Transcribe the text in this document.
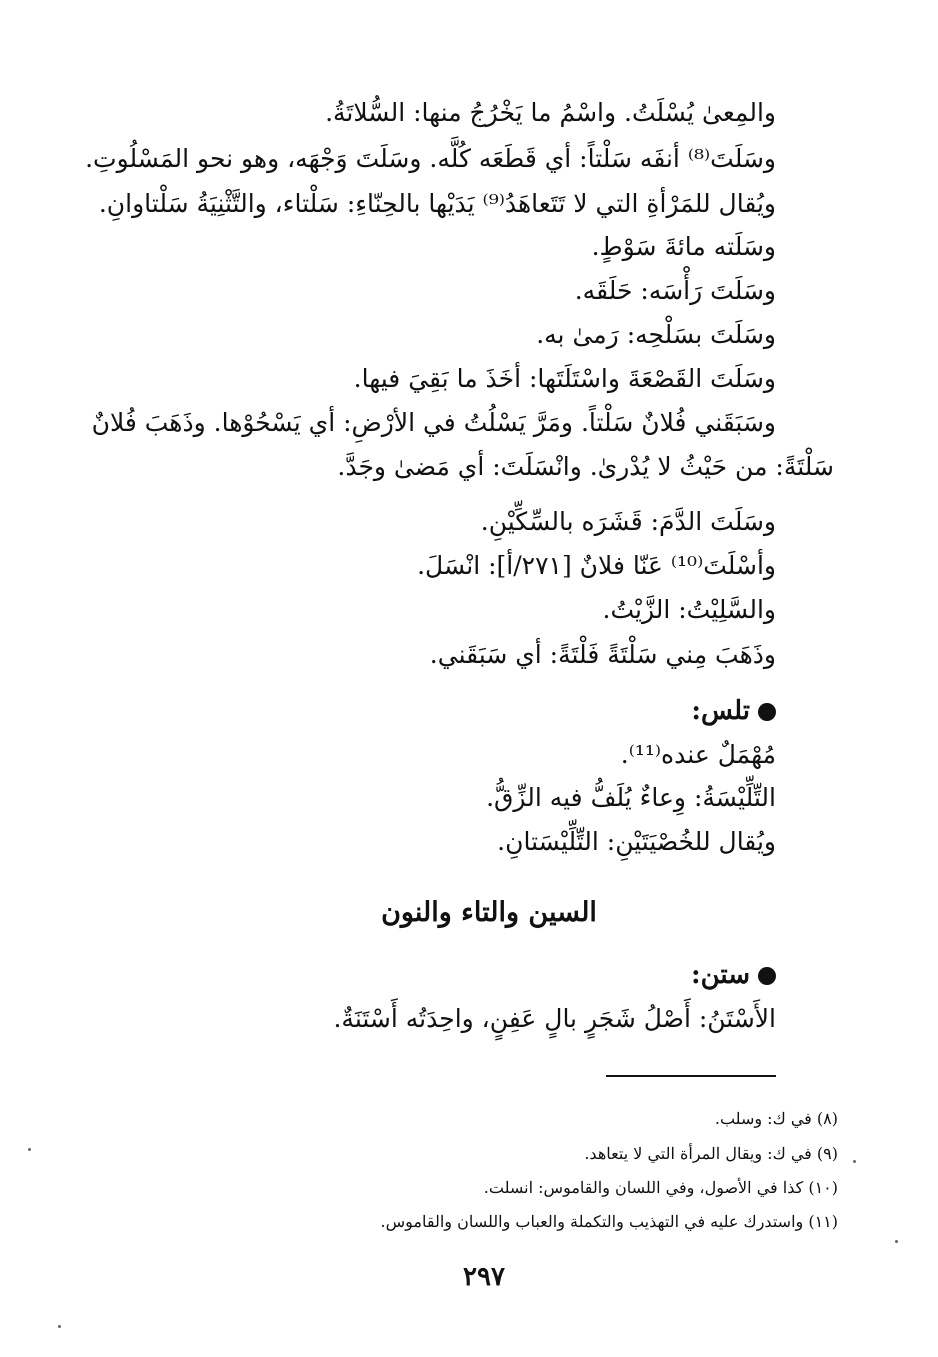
والمِعىٰ يُسْلَتُ. واسْمُ ما يَخْرُجُ منها: السُّلاتَةُ.
وسَلَتَ⁽⁸⁾ أنفَه سَلْتاً: أي قَطَعَه كُلَّه. وسَلَتَ وَجْهَه، وهو نحو المَسْلُوتِ.
ويُقال للمَرْأةِ التي لا تَتَعاهَدُ⁽⁹⁾ يَدَيْها بالحِنّاءِ: سَلْتاء، والتَّثْنِيَةُ سَلْتاوانِ.
وسَلَته مائةَ سَوْطٍ.
وسَلَتَ رَأْسَه: حَلَقَه.
وسَلَتَ بسَلْحِه: رَمىٰ به.
وسَلَتَ القَصْعَةَ واسْتَلَتَها: أخَذَ ما بَقِيَ فيها.
وسَبَقَني فُلانٌ سَلْتاً. ومَرَّ يَسْلُتُ في الأرْضِ: أي يَسْحُوْها. وذَهَبَ فُلانٌ
سَلْتَةً: من حَيْثُ لا يُدْرىٰ. وانْسَلَتَ: أي مَضىٰ وجَدَّ.
وسَلَتَ الدَّمَ: قَشَرَه بالسِّكِّيْنِ.
وأسْلَتَ⁽¹⁰⁾ عَنّا فلانٌ [٢٧١/أ]: انْسَلَ.
والسَّلِيْتُ: الزَّيْتُ.
وذَهَبَ مِني سَلْتَةً فَلْتَةً: أي سَبَقَني.
تلس:
مُهْمَلٌ عنده⁽¹¹⁾.
التِّلِّيْسَةُ: وِعاءٌ يُلَفُّ فيه الزِّقُّ.
ويُقال للخُصْيَتَيْنِ: التِّلِّيْسَتانِ.
السين والتاء والنون
ستن:
الأَسْتَنُ: أَصْلُ شَجَرٍ بالٍ عَفِنٍ، واحِدَتُه أَسْتَنَةٌ.
(٨) في ك: وسلب.
(٩) في ك: ويقال المرأة التي لا يتعاهد.
(١٠) كذا في الأصول، وفي اللسان والقاموس: انسلت.
(١١) واستدرك عليه في التهذيب والتكملة والعباب واللسان والقاموس.
٢٩٧
